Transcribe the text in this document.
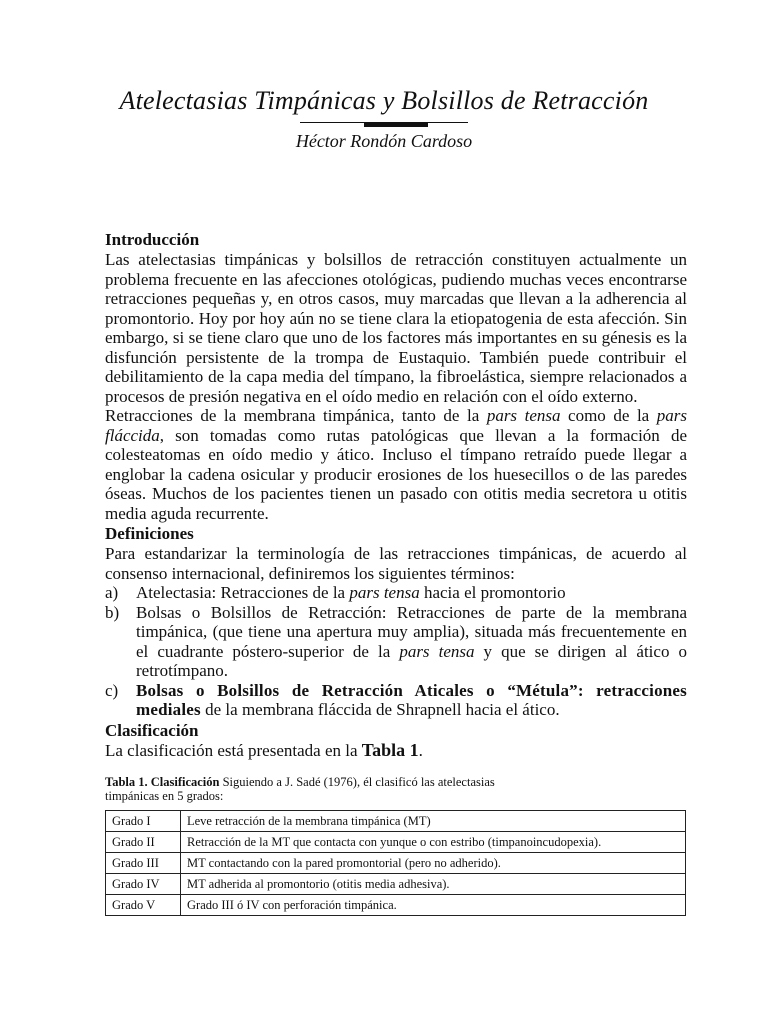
Atelectasias Timpánicas y Bolsillos de Retracción
Héctor Rondón Cardoso

Introducción

Las atelectasias timpánicas y bolsillos de retracción constituyen actualmente un problema frecuente en las afecciones otológicas, pudiendo muchas veces encontrarse retracciones pequeñas y, en otros casos, muy marcadas que llevan a la adherencia al promontorio. Hoy por hoy aún no se tiene clara la etiopatogenia de esta afección. Sin embargo, si se tiene claro que uno de los factores más importantes en su génesis es la disfunción persistente de la trompa de Eustaquio. También puede contribuir el debilitamiento de la capa media del tímpano, la fibroelástica, siempre relacionados a procesos de presión negativa en el oído medio en relación con el oído externo.

Retracciones de la membrana timpánica, tanto de la pars tensa como de la pars fláccida, son tomadas como rutas patológicas que llevan a la formación de colesteatomas en oído medio y ático. Incluso el tímpano retraído puede llegar a englobar la cadena osicular y producir erosiones de los huesecillos o de las paredes óseas. Muchos de los pacientes tienen un pasado con otitis media secretora u otitis media aguda recurrente.

Definiciones

Para estandarizar la terminología de las retracciones timpánicas, de acuerdo al consenso internacional, definiremos los siguientes términos:

a)	Atelectasia: Retracciones de la pars tensa hacia el promontorio
b) Bolsas o Bolsillos de Retracción: Retracciones de parte de la membrana timpánica, (que tiene una apertura muy amplia), situada más frecuentemente en el cuadrante póstero-superior de la pars tensa y que se dirigen al ático o retrotímpano.
c)	Bolsas o Bolsillos de Retracción Aticales o “Métula”: retracciones mediales de la membrana fláccida de Shrapnell hacia el ático.

Clasificación

La clasificación está presentada en la Tabla 1.

Tabla 1. Clasificación Siguiendo a J. Sadé (1976), él clasificó las atelectasias timpánicas en 5 grados:
Grado I	Leve retracción de la membrana timpánica (MT)
Grado II	Retracción de la MT que contacta con yunque o con estribo (timpanoincudopexia).
Grado III	MT contactando con la pared promontorial (pero no adherido).
Grado IV	MT adherida al promontorio (otitis media adhesiva).
Grado V	Grado III ó IV con perforación timpánica.
